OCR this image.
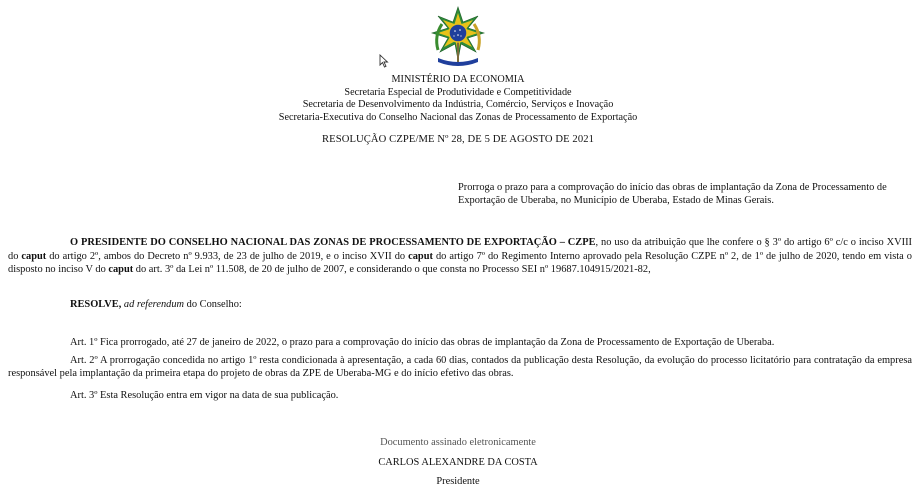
MINISTÉRIO DA ECONOMIA
Secretaria Especial de Produtividade e Competitividade
Secretaria de Desenvolvimento da Indústria, Comércio, Serviços e Inovação
Secretaria-Executiva do Conselho Nacional das Zonas de Processamento de Exportação
RESOLUÇÃO CZPE/ME Nº 28, DE 5 DE AGOSTO DE 2021
Prorroga o prazo para a comprovação do início das obras de implantação da Zona de Processamento de Exportação de Uberaba, no Município de Uberaba, Estado de Minas Gerais.
O PRESIDENTE DO CONSELHO NACIONAL DAS ZONAS DE PROCESSAMENTO DE EXPORTAÇÃO – CZPE, no uso da atribuição que lhe confere o § 3º do artigo 6º c/c o inciso XVIII do caput do artigo 2º, ambos do Decreto nº 9.933, de 23 de julho de 2019, e o inciso XVII do caput do artigo 7º do Regimento Interno aprovado pela Resolução CZPE nº 2, de 1º de julho de 2020, tendo em vista o disposto no inciso V do caput do art. 3º da Lei nº 11.508, de 20 de julho de 2007, e considerando o que consta no Processo SEI nº 19687.104915/2021-82,
RESOLVE, ad referendum do Conselho:
Art. 1º Fica prorrogado, até 27 de janeiro de 2022, o prazo para a comprovação do início das obras de implantação da Zona de Processamento de Exportação de Uberaba.
Art. 2º A prorrogação concedida no artigo 1º resta condicionada à apresentação, a cada 60 dias, contados da publicação desta Resolução, da evolução do processo licitatório para contratação da empresa responsável pela implantação da primeira etapa do projeto de obras da ZPE de Uberaba-MG e do início efetivo das obras.
Art. 3º Esta Resolução entra em vigor na data de sua publicação.
Documento assinado eletronicamente
CARLOS ALEXANDRE DA COSTA
Presidente
